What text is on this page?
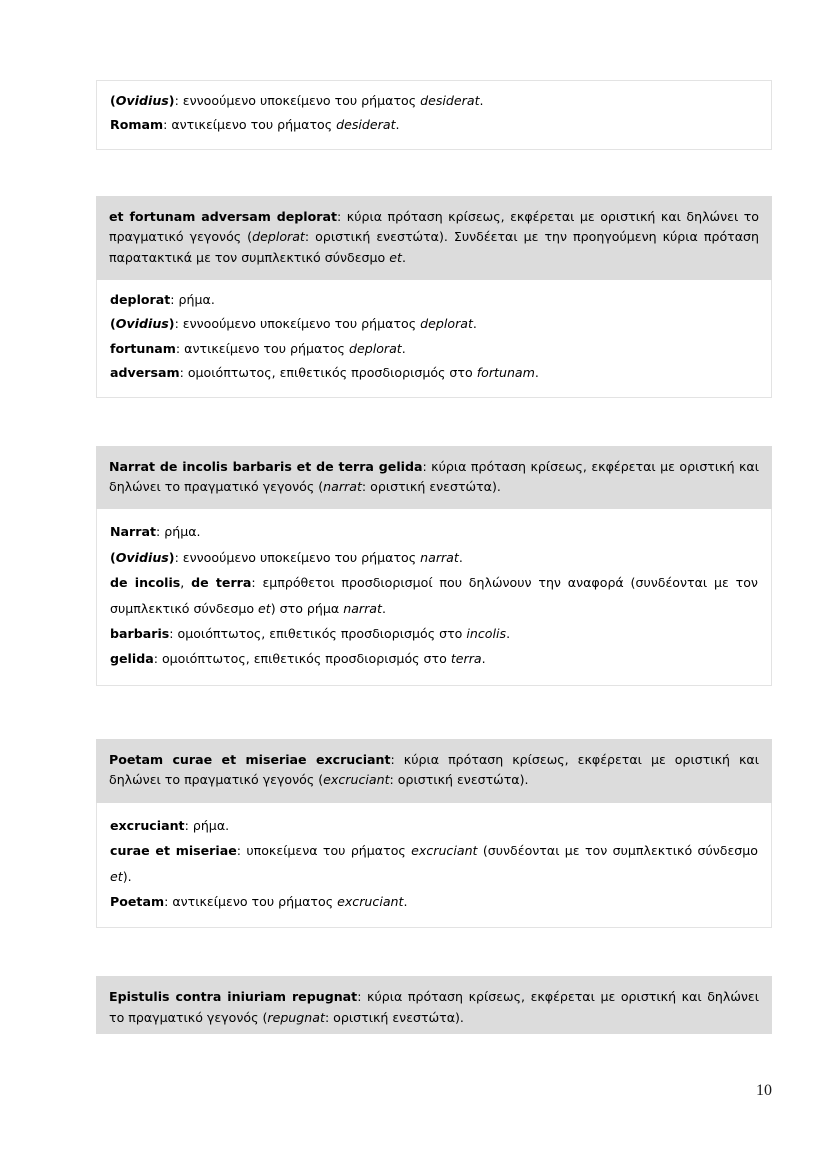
(Ovidius): εννοούμενο υποκείμενο του ρήματος desiderat.

Romam: αντικείμενο του ρήματος desiderat.

et fortunam adversam deplorat: κύρια πρόταση κρίσεως, εκφέρεται με οριστική και δηλώνει το πραγματικό γεγονός (deplorat: οριστική ενεστώτα). Συνδέεται με την προηγούμενη κύρια πρόταση παρατακτικά με τον συμπλεκτικό σύνδεσμο et.

deplorat: ρήμα.

(Ovidius): εννοούμενο υποκείμενο του ρήματος deplorat.

fortunam: αντικείμενο του ρήματος deplorat.

adversam: ομοιόπτωτος, επιθετικός προσδιορισμός στο fortunam.

Narrat de incolis barbaris et de terra gelida: κύρια πρόταση κρίσεως, εκφέρεται με οριστική και δηλώνει το πραγματικό γεγονός (narrat: οριστική ενεστώτα).

Narrat: ρήμα.

(Ovidius): εννοούμενο υποκείμενο του ρήματος narrat.

de incolis, de terra: εμπρόθετοι προσδιορισμοί που δηλώνουν την αναφορά (συνδέονται με τον συμπλεκτικό σύνδεσμο et) στο ρήμα narrat.

barbaris: ομοιόπτωτος, επιθετικός προσδιορισμός στο incolis.

gelida: ομοιόπτωτος, επιθετικός προσδιορισμός στο terra.

Poetam curae et miseriae excruciant: κύρια πρόταση κρίσεως, εκφέρεται με οριστική και δηλώνει το πραγματικό γεγονός (excruciant: οριστική ενεστώτα).

excruciant: ρήμα.

curae et miseriae: υποκείμενα του ρήματος excruciant (συνδέονται με τον συμπλεκτικό σύνδεσμο et).

Poetam: αντικείμενο του ρήματος excruciant.

Epistulis contra iniuriam repugnat: κύρια πρόταση κρίσεως, εκφέρεται με οριστική και δηλώνει το πραγματικό γεγονός (repugnat: οριστική ενεστώτα).
10
